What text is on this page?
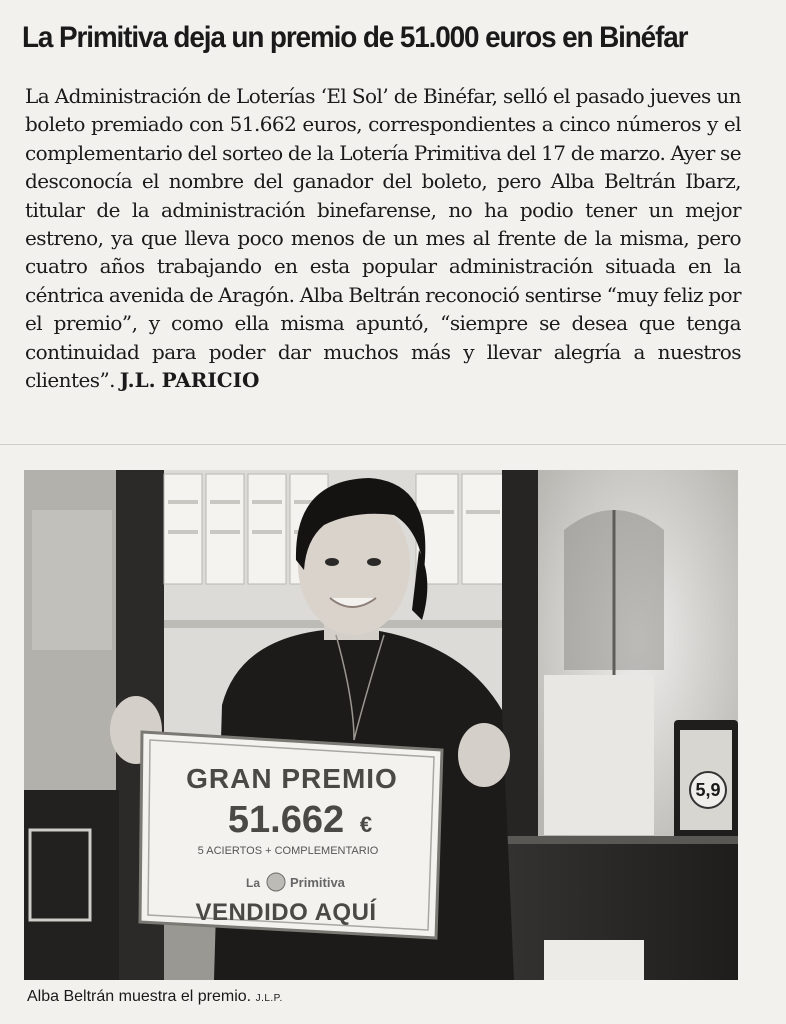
La Primitiva deja un premio de 51.000 euros en Binéfar
La Administración de Loterías ‘El Sol’ de Binéfar, selló el pasado jueves un boleto premiado con 51.662 euros, correspondientes a cinco números y el complementario del sorteo de la Lotería Primitiva del 17 de marzo. Ayer se desconocía el nombre del ganador del boleto, pero Alba Beltrán Ibarz, titular de la administración binefarense, no ha podio tener un mejor estreno, ya que lleva poco menos de un mes al frente de la misma, pero cuatro años trabajando en esta popular administración situada en la céntrica avenida de Aragón. Alba Beltrán reconoció sentirse “muy feliz por el premio”, y como ella misma apuntó, “siempre se desea que tenga continuidad para poder dar muchos más y llevar alegría a nuestros clientes”. J.L. PARICIO
5,9
GRAN PREMIO
51.662 €
5 ACIERTOS + COMPLEMENTARIO
La Primitiva
VENDIDO AQUÍ
Alba Beltrán muestra el premio. J.L.P.
